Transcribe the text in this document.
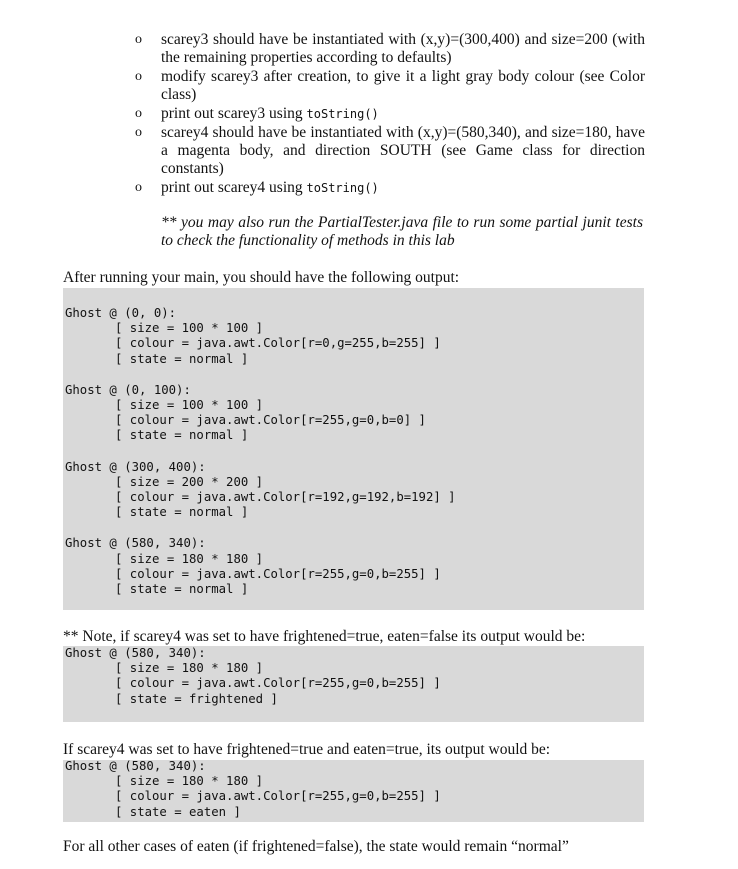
o scarey3 should have be instantiated with (x,y)=(300,400) and size=200 (with the remaining properties according to defaults)
o modify scarey3 after creation, to give it a light gray body colour (see Color class)
o print out scarey3 using toString()
o scarey4 should have be instantiated with (x,y)=(580,340), and size=180, have a magenta body, and direction SOUTH (see Game class for direction constants)
o print out scarey4 using toString()
** you may also run the PartialTester.java file to run some partial junit tests to check the functionality of methods in this lab
After running your main, you should have the following output:
Ghost @ (0, 0):
[ size = 100 * 100 ]
[ colour = java.awt.Color[r=0,g=255,b=255] ]
[ state = normal ]
Ghost @ (0, 100):
[ size = 100 * 100 ]
[ colour = java.awt.Color[r=255,g=0,b=0] ]
[ state = normal ]
Ghost @ (300, 400):
[ size = 200 * 200 ]
[ colour = java.awt.Color[r=192,g=192,b=192] ]
[ state = normal ]
Ghost @ (580, 340):
[ size = 180 * 180 ]
[ colour = java.awt.Color[r=255,g=0,b=255] ]
[ state = normal ]
** Note, if scarey4 was set to have frightened=true, eaten=false its output would be:
Ghost @ (580, 340):
[ size = 180 * 180 ]
[ colour = java.awt.Color[r=255,g=0,b=255] ]
[ state = frightened ]
If scarey4 was set to have frightened=true and eaten=true, its output would be:
Ghost @ (580, 340):
[ size = 180 * 180 ]
[ colour = java.awt.Color[r=255,g=0,b=255] ]
[ state = eaten ]
For all other cases of eaten (if frightened=false), the state would remain “normal”
